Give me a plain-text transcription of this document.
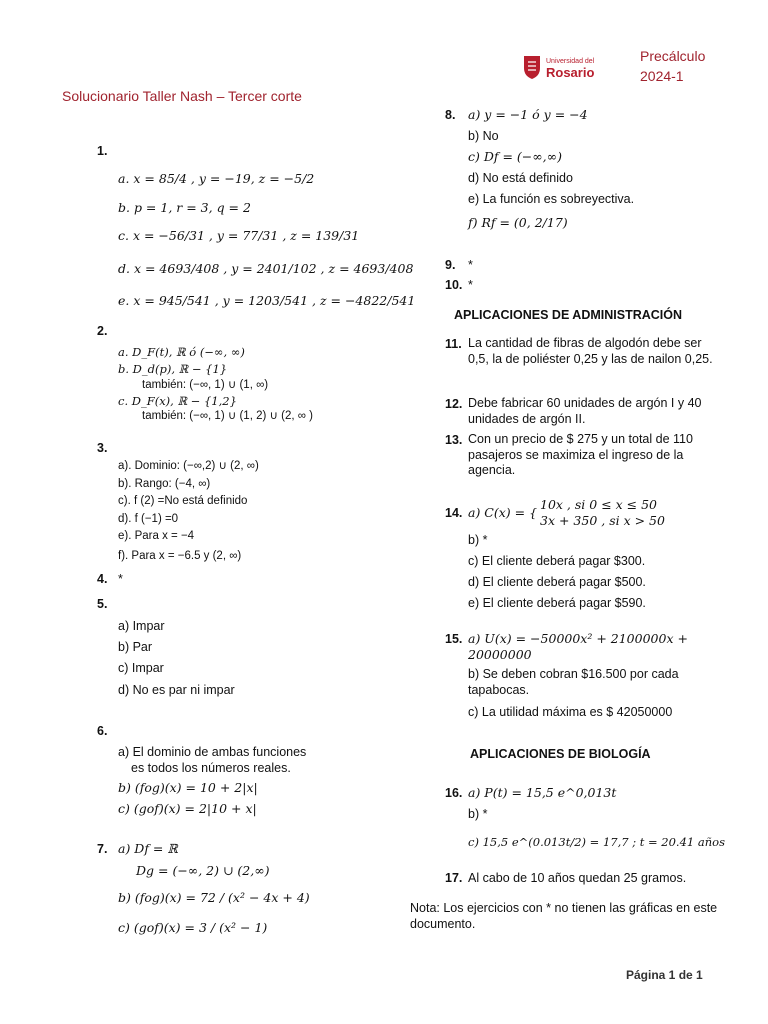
Solucionario Taller Nash – Tercer corte
Universidad del
Rosario
Precálculo
2024-1
1.
a. x = 85/4 , y = −19, z = −5/2
b. p = 1, r = 3, q = 2
c. x = −56/31 , y = 77/31 , z = 139/31
d. x = 4693/408 , y = 2401/102 , z = 4693/408
e. x = 945/541 , y = 1203/541 , z = −4822/541
2.
a. D_F(t), ℝ ó (−∞, ∞)
b. D_d(p), ℝ − {1}
también: (−∞, 1) ∪ (1, ∞)
c. D_F(x), ℝ − {1,2}
también: (−∞, 1) ∪ (1, 2) ∪ (2, ∞ )
3.
a). Dominio: (−∞,2) ∪ (2, ∞)
b). Rango: (−4, ∞)
c). f (2) =No está definido
d). f (−1) =0
e). Para x = −4
f). Para x = −6.5 y (2, ∞)
4. *
5.
a) Impar
b) Par
c) Impar
d) No es par ni impar
6.
a) El dominio de ambas funciones
es todos los números reales.
b) (fog)(x) = 10 + 2|x|
c) (gof)(x) = 2|10 + x|
7. a) Df = ℝ
Dg = (−∞, 2) ∪ (2,∞)
b) (fog)(x) = 72 / (x² − 4x + 4)
c) (gof)(x) = 3 / (x² − 1)
8. a) y = −1 ó y = −4
b) No
c) Df = (−∞,∞)
d) No está definido
e) La función es sobreyectiva.
f) Rf = (0, 2/17)
9. *
10. *
APLICACIONES DE ADMINISTRACIÓN
11. La cantidad de fibras de algodón debe ser 0,5, la de poliéster 0,25 y las de nailon 0,25.
12. Debe fabricar 60 unidades de argón I y 40 unidades de argón II.
13. Con un precio de $ 275 y un total de 110 pasajeros se maximiza el ingreso de la agencia.
14. a) C(x) = {
10x , si 0 ≤ x ≤ 50
3x + 350 , si x > 50
b) *
c) El cliente deberá pagar $300.
d) El cliente deberá pagar $500.
e) El cliente deberá pagar $590.
15. a) U(x) = −50000x² + 2100000x +
20000000
b) Se deben cobran $16.500 por cada tapabocas.
c) La utilidad máxima es $ 42050000
APLICACIONES DE BIOLOGÍA
16. a) P(t) = 15,5 e^0,013t
b) *
c) 15,5 e^(0.013t/2) = 17,7 ; t = 20.41 años
17. Al cabo de 10 años quedan 25 gramos.
Nota: Los ejercicios con * no tienen las gráficas en este documento.
Página 1 de 1
